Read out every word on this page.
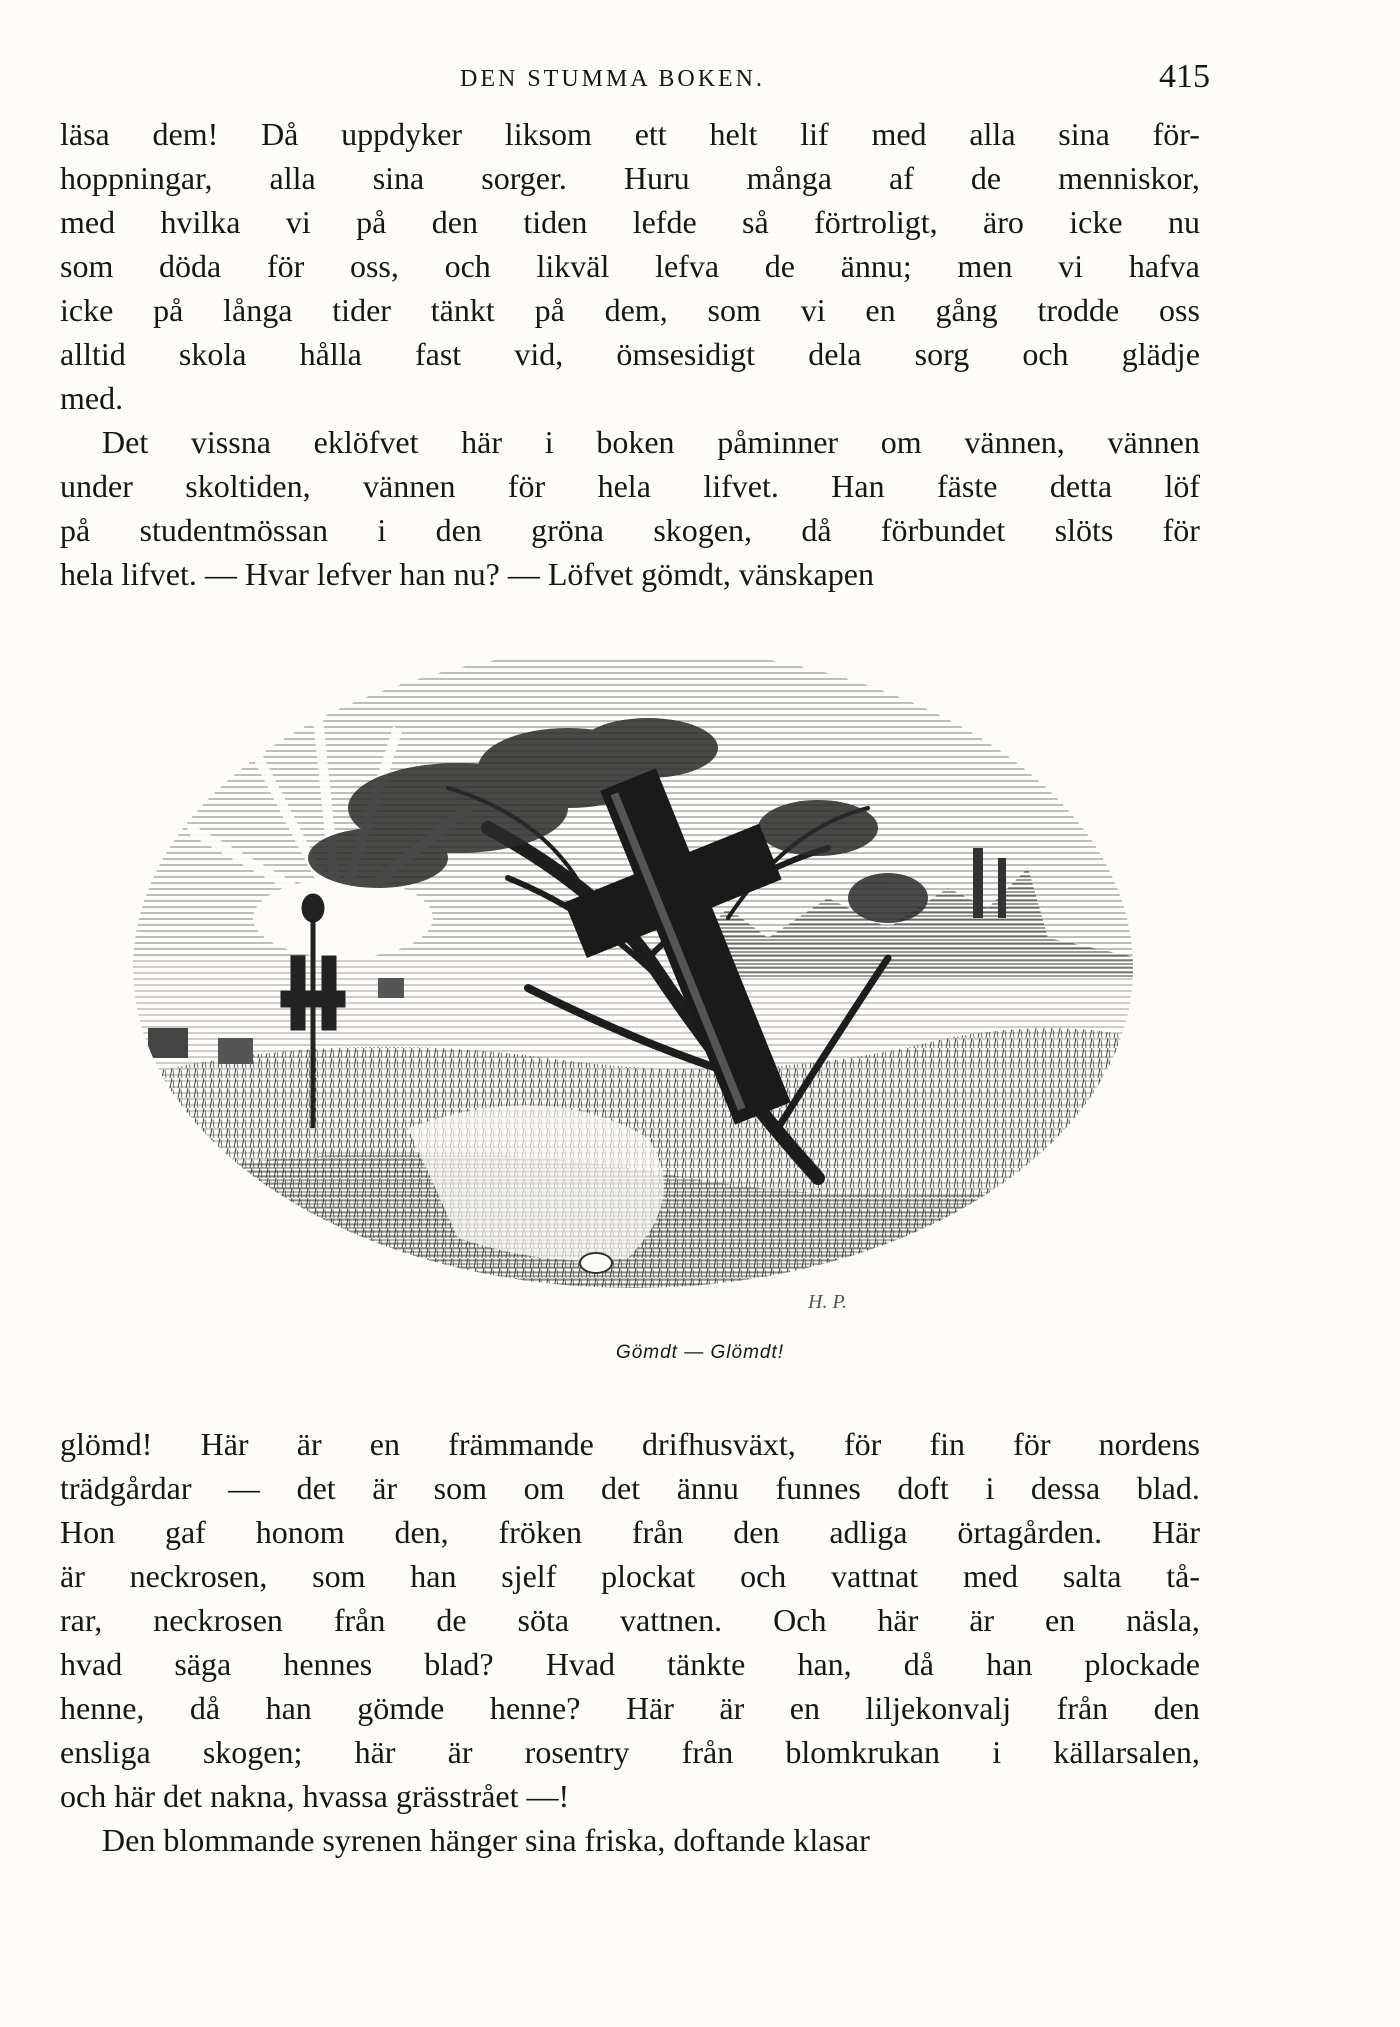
DEN STUMMA BOKEN.	415
läsa dem! Då uppdyker liksom ett helt lif med alla sina för-
hoppningar, alla sina sorger. Huru många af de menniskor,
med hvilka vi på den tiden lefde så förtroligt, äro icke nu
som döda för oss, och likväl lefva de ännu; men vi hafva
icke på långa tider tänkt på dem, som vi en gång trodde oss
alltid skola hålla fast vid, ömsesidigt dela sorg och glädje
med.
Det vissna eklöfvet här i boken påminner om vännen, vännen
under skoltiden, vännen för hela lifvet. Han fäste detta löf
på studentmössan i den gröna skogen, då förbundet slöts för
hela lifvet. — Hvar lefver han nu? — Löfvet gömdt, vänskapen
H. P.
Gömdt — Glömdt!
glömd! Här är en främmande drifhusväxt, för fin för nordens
trädgårdar — det är som om det ännu funnes doft i dessa blad.
Hon gaf honom den, fröken från den adliga örtagården. Här
är neckrosen, som han sjelf plockat och vattnat med salta tå-
rar, neckrosen från de söta vattnen. Och här är en näsla,
hvad säga hennes blad? Hvad tänkte han, då han plockade
henne, då han gömde henne? Här är en liljekonvalj från den
ensliga skogen; här är rosentry från blomkrukan i källarsalen,
och här det nakna, hvassa grässtrået —!
Den blommande syrenen hänger sina friska, doftande klasar
